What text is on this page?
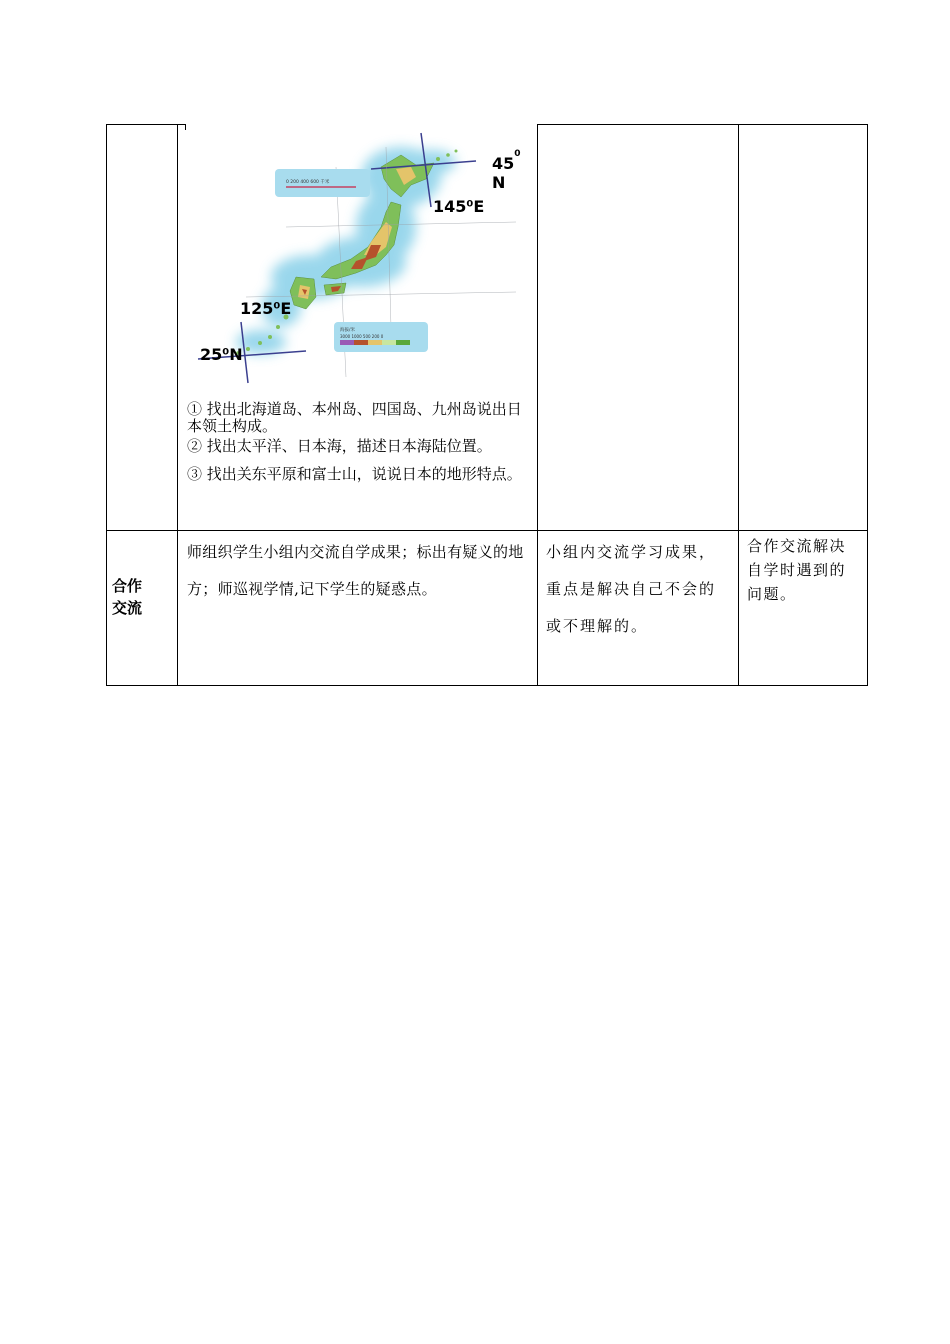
0 200 400 600 千米
海拔/米
3000 1000 500 200 0
$45^0$ N
145⁰E
125⁰E
25⁰N
① 找出北海道岛、本州岛、四国岛、九州岛说出日本领土构成。
② 找出太平洋、日本海，描述日本海陆位置。
③ 找出关东平原和富士山，说说日本的地形特点。
合作
交流
师组织学生小组内交流自学成果；标出有疑义的地方；师巡视学情,记下学生的疑惑点。
小组内交流学习成果，重点是解决自己不会的或不理解的。
合作交流解决自学时遇到的问题。
